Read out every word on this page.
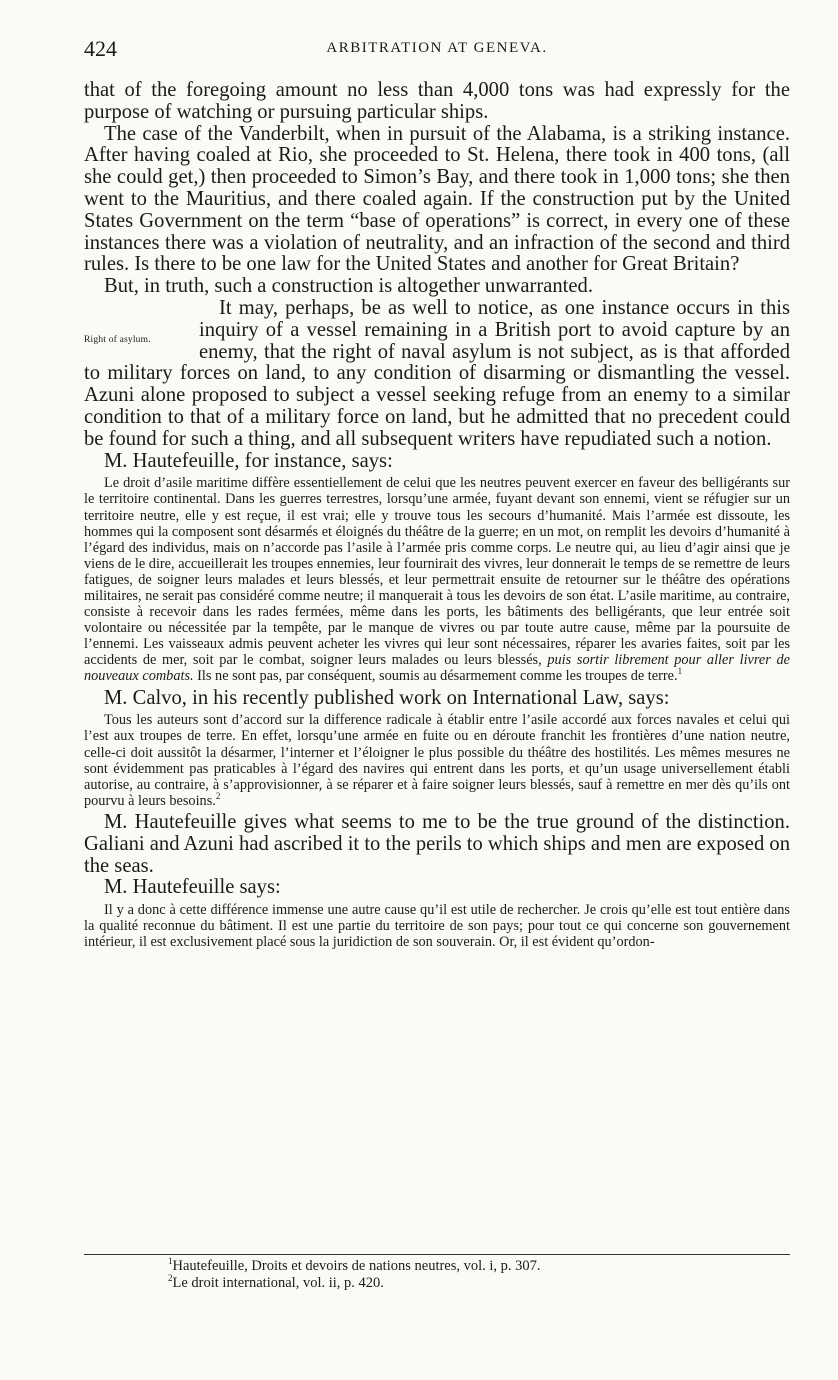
424	ARBITRATION AT GENEVA.

that of the foregoing amount no less than 4,000 tons was had expressly for the purpose of watching or pursuing particular ships.

The case of the Vanderbilt, when in pursuit of the Alabama, is a striking instance. After having coaled at Rio, she proceeded to St. Helena, there took in 400 tons, (all she could get,) then proceeded to Simon’s Bay, and there took in 1,000 tons; she then went to the Mauritius, and there coaled again. If the construction put by the United States Government on the term “base of operations” is correct, in every one of these instances there was a violation of neutrality, and an infraction of the second and third rules. Is there to be one law for the United States and another for Great Britain?

But, in truth, such a construction is altogether unwarranted.

Right of asylum.

It may, perhaps, be as well to notice, as one instance occurs in this inquiry of a vessel remaining in a British port to avoid capture by an enemy, that the right of naval asylum is not subject, as is that afforded to military forces on land, to any condition of disarming or dismantling the vessel. Azuni alone proposed to subject a vessel seeking refuge from an enemy to a similar condition to that of a military force on land, but he admitted that no precedent could be found for such a thing, and all subsequent writers have repudiated such a notion.

M. Hautefeuille, for instance, says:

Le droit d’asile maritime diffère essentiellement de celui que les neutres peuvent exercer en faveur des belligérants sur le territoire continental. Dans les guerres terrestres, lorsqu’une armée, fuyant devant son ennemi, vient se réfugier sur un territoire neutre, elle y est reçue, il est vrai; elle y trouve tous les secours d’humanité. Mais l’armée est dissoute, les hommes qui la composent sont désarmés et éloignés du théâtre de la guerre; en un mot, on remplit les devoirs d’humanité à l’égard des individus, mais on n’accorde pas l’asile à l’armée pris comme corps. Le neutre qui, au lieu d’agir ainsi que je viens de le dire, accueillerait les troupes ennemies, leur fournirait des vivres, leur donnerait le temps de se remettre de leurs fatigues, de soigner leurs malades et leurs blessés, et leur permettrait ensuite de retourner sur le théâtre des opérations militaires, ne serait pas considéré comme neutre; il manquerait à tous les devoirs de son état. L’asile maritime, au contraire, consiste à recevoir dans les rades fermées, même dans les ports, les bâtiments des belligérants, que leur entrée soit volontaire ou nécessitée par la tempête, par le manque de vivres ou par toute autre cause, même par la poursuite de l’ennemi. Les vaisseaux admis peuvent acheter les vivres qui leur sont nécessaires, réparer les avaries faites, soit par les accidents de mer, soit par le combat, soigner leurs malades ou leurs blessés, puis sortir librement pour aller livrer de nouveaux combats. Ils ne sont pas, par conséquent, soumis au désarmement comme les troupes de terre.$^1$

M. Calvo, in his recently published work on International Law, says:

Tous les auteurs sont d’accord sur la difference radicale à établir entre l’asile accordé aux forces navales et celui qui l’est aux troupes de terre. En effet, lorsqu’une armée en fuite ou en déroute franchit les frontières d’une nation neutre, celle-ci doit aussitôt la désarmer, l’interner et l’éloigner le plus possible du théâtre des hostilités. Les mêmes mesures ne sont évidemment pas praticables à l’égard des navires qui entrent dans les ports, et qu’un usage universellement établi autorise, au contraire, à s’approvisionner, à se réparer et à faire soigner leurs blessés, sauf à remettre en mer dès qu’ils ont pourvu à leurs besoins.$^2$

M. Hautefeuille gives what seems to me to be the true ground of the distinction. Galiani and Azuni had ascribed it to the perils to which ships and men are exposed on the seas.

M. Hautefeuille says:

Il y a donc à cette différence immense une autre cause qu’il est utile de rechercher. Je crois qu’elle est tout entière dans la qualité reconnue du bâtiment. Il est une partie du territoire de son pays; pour tout ce qui concerne son gouvernement intérieur, il est exclusivement placé sous la juridiction de son souverain. Or, il est évident qu’ordon-

$^1$Hautefeuille, Droits et devoirs de nations neutres, vol. i, p. 307.
$^2$Le droit international, vol. ii, p. 420.
